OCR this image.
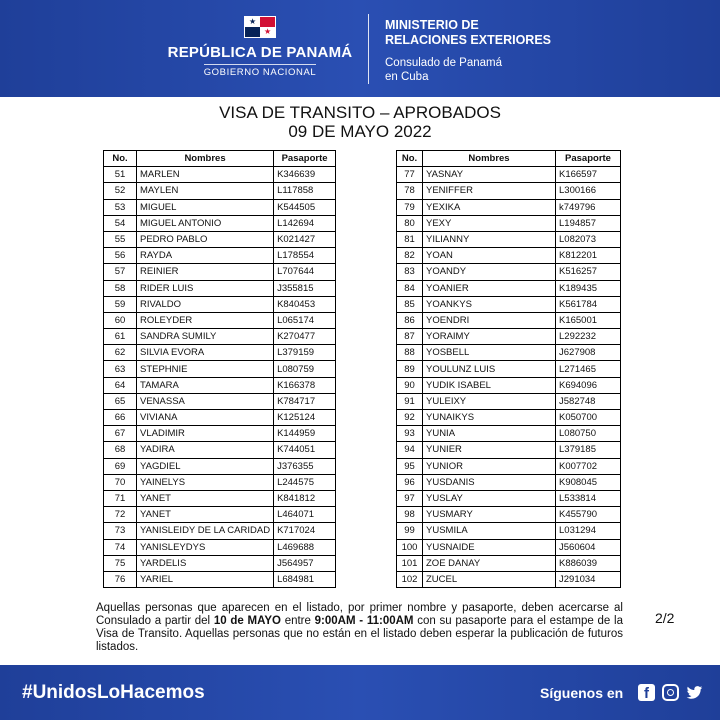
★
★
REPÚBLICA DE PANAMÁ
GOBIERNO NACIONAL
MINISTERIO DE
RELACIONES EXTERIORES
Consulado de Panamá
en Cuba
VISA DE TRANSITO – APROBADOS
09 DE MAYO 2022
No.	Nombres	Pasaporte
51	MARLEN	K346639
52	MAYLEN	L117858
53	MIGUEL	K544505
54	MIGUEL ANTONIO	L142694
55	PEDRO PABLO	K021427
56	RAYDA	L178554
57	REINIER	L707644
58	RIDER LUIS	J355815
59	RIVALDO	K840453
60	ROLEYDER	L065174
61	SANDRA SUMILY	K270477
62	SILVIA EVORA	L379159
63	STEPHNIE	L080759
64	TAMARA	K166378
65	VENASSA	K784717
66	VIVIANA	K125124
67	VLADIMIR	K144959
68	YADIRA	K744051
69	YAGDIEL	J376355
70	YAINELYS	L244575
71	YANET	K841812
72	YANET	L464071
73	YANISLEIDY DE LA CARIDAD	K717024
74	YANISLEYDYS	L469688
75	YARDELIS	J564957
76	YARIEL	L684981
No.	Nombres	Pasaporte
77	YASNAY	K166597
78	YENIFFER	L300166
79	YEXIKA	k749796
80	YEXY	L194857
81	YILIANNY	L082073
82	YOAN	K812201
83	YOANDY	K516257
84	YOANIER	K189435
85	YOANKYS	K561784
86	YOENDRI	K165001
87	YORAIMY	L292232
88	YOSBELL	J627908
89	YOULUNZ LUIS	L271465
90	YUDIK ISABEL	K694096
91	YULEIXY	J582748
92	YUNAIKYS	K050700
93	YUNIA	L080750
94	YUNIER	L379185
95	YUNIOR	K007702
96	YUSDANIS	K908045
97	YUSLAY	L533814
98	YUSMARY	K455790
99	YUSMILA	L031294
100	YUSNAIDE	J560604
101	ZOE DANAY	K886039
102	ZUCEL	J291034
Aquellas personas que aparecen en el listado, por primer nombre y pasaporte, deben acercarse al Consulado a partir del 10 de MAYO entre 9:00AM - 11:00AM con su pasaporte para el estampe de la Visa de Transito. Aquellas personas que no están en el listado deben esperar la publicación de futuros listados.
2/2
#UnidosLoHacemos	Síguenos en	f
